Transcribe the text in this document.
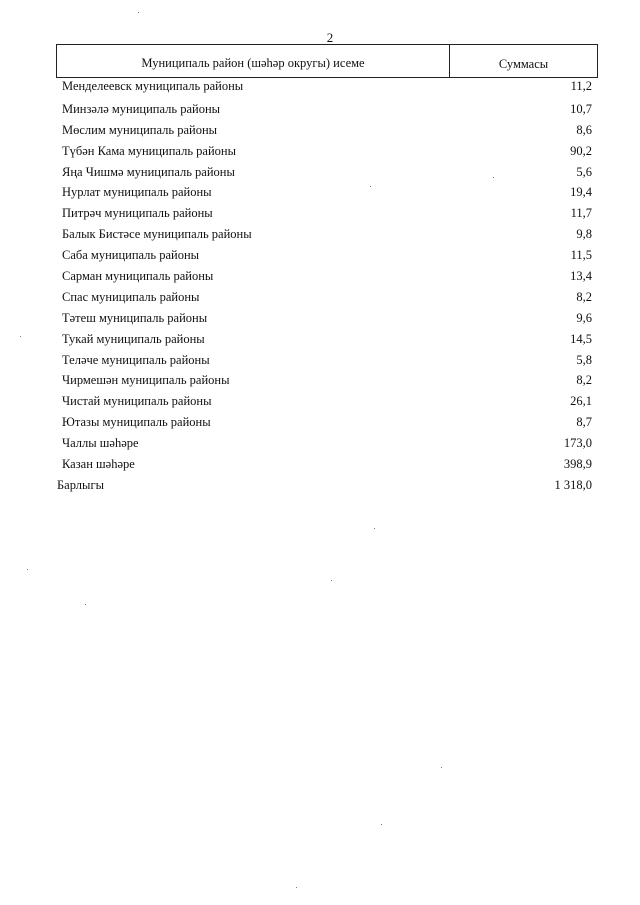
2
Муниципаль район (шәһәр округы) исеме	Суммасы
Менделеевск муниципаль районы	11,2
Минзәлә муниципаль районы	10,7
Мөслим муниципаль районы	8,6
Түбән Кама муниципаль районы	90,2
Яңа Чишмә муниципаль районы	5,6
Нурлат муниципаль районы	19,4
Питрәч муниципаль районы	11,7
Балык Бистәсе муниципаль районы	9,8
Саба муниципаль районы	11,5
Сарман муниципаль районы	13,4
Спас муниципаль районы	8,2
Тәтеш муниципаль районы	9,6
Тукай муниципаль районы	14,5
Теләче муниципаль районы	5,8
Чирмешән муниципаль районы	8,2
Чистай муниципаль районы	26,1
Ютазы муниципаль районы	8,7
Чаллы шәһәре	173,0
Казан шәһәре	398,9
Барлыгы	1 318,0
